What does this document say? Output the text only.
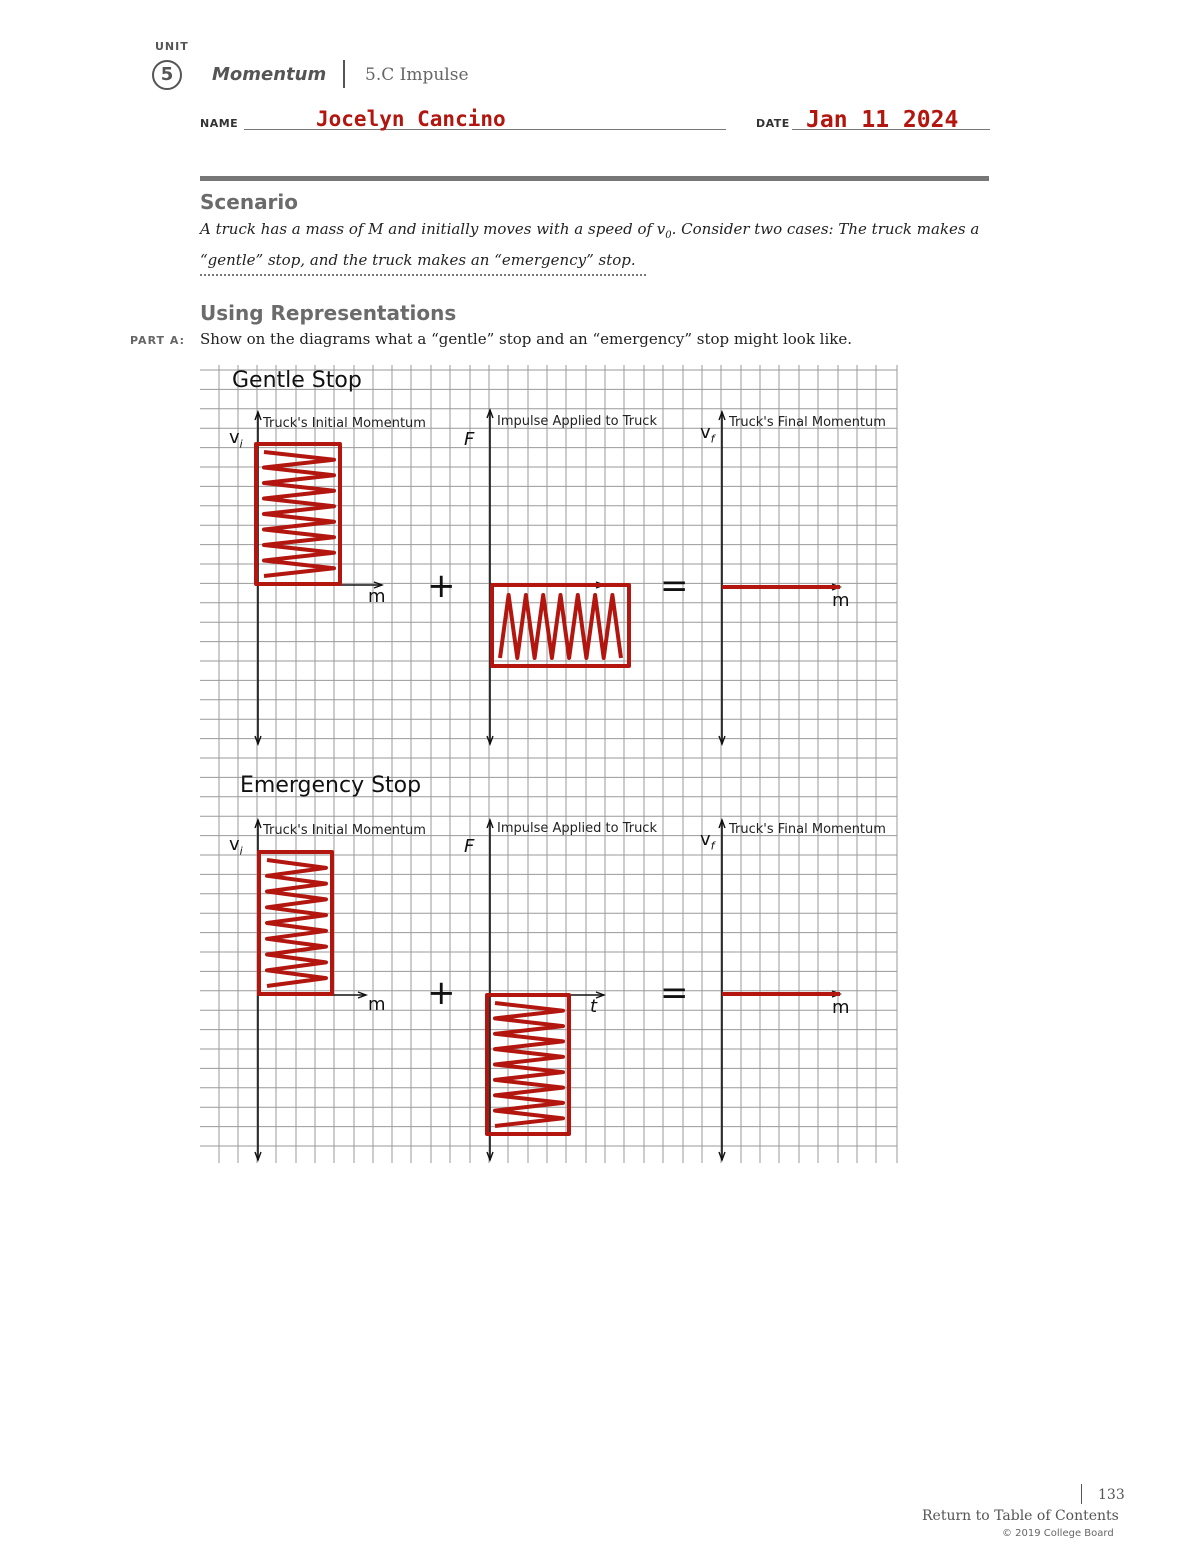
UNIT
5	Momentum 5.C Impulse
NAME	Jocelyn Cancino	DATE Jan 11 2024
Scenario
A truck has a mass of M and initially moves with a speed of $v_0$. Consider two cases: The truck makes a “gentle” stop, and the truck makes an “emergency” stop.
Using Representations
PART A: Show on the diagrams what a “gentle” stop and an “emergency” stop might look like.
Gentle Stop
Truck's Initial Momentum	Impulse Applied to Truck	Truck's Final Momentum
$v_i$	F	$v_f$
m +	=	m
Emergency Stop
Truck's Initial Momentum	Impulse Applied to Truck	Truck's Final Momentum
$v_i$	F	$v_f$
m +	t =	m
133
Return to Table of Contents
© 2019 College Board
